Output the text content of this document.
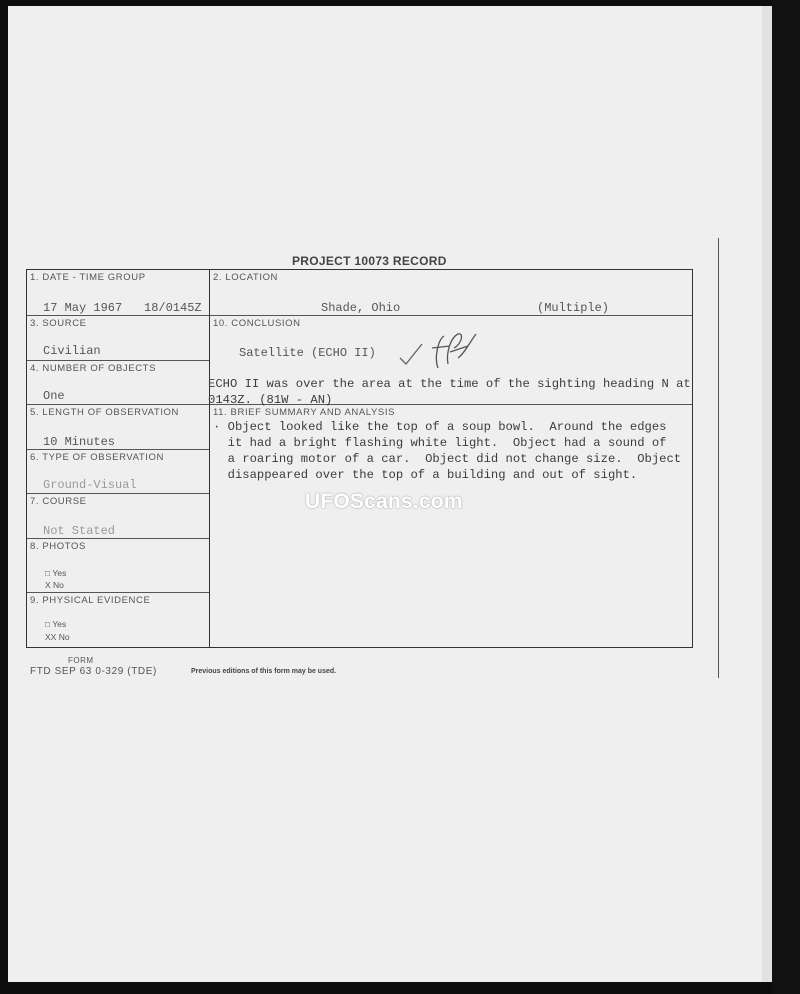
PROJECT 10073 RECORD
1. DATE - TIME GROUP
17 May 1967 18/0145Z
3. SOURCE
Civilian
4. NUMBER OF OBJECTS
One
5. LENGTH OF OBSERVATION
10 Minutes
6. TYPE OF OBSERVATION
Ground-Visual
7. COURSE
Not Stated
8. PHOTOS
□ Yes
X No
9. PHYSICAL EVIDENCE
□ Yes
XX No
2. LOCATION
Shade, Ohio	(Multiple)
10. CONCLUSION
Satellite (ECHO II)
ECHO II was over the area at the time of the sighting heading N at 0143Z. (81W - AN)
11. BRIEF SUMMARY AND ANALYSIS
· Object looked like the top of a soup bowl.  Around the edges
it had a bright flashing white light.  Object had a sound of
a roaring motor of a car.  Object did not change size.  Object
disappeared over the top of a building and out of sight.
FORM
FTD SEP 63 0-329 (TDE)	Previous editions of this form may be used.
UFOScans.com
